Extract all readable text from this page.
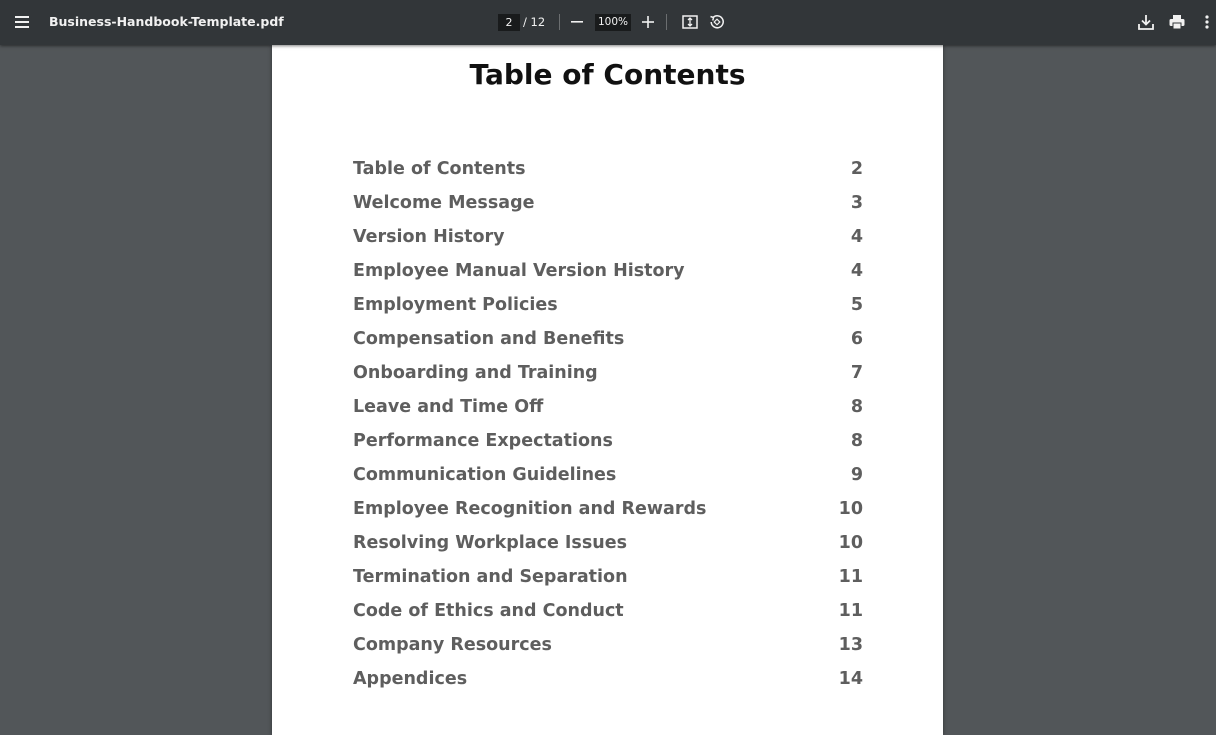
Business-Handbook-Template.pdf
2	/ 12	100%
Table of Contents
Table of Contents	2
Welcome Message	3
Version History	4
Employee Manual Version History	4
Employment Policies	5
Compensation and Benefits	6
Onboarding and Training	7
Leave and Time Off	8
Performance Expectations	8
Communication Guidelines	9
Employee Recognition and Rewards	10
Resolving Workplace Issues	10
Termination and Separation	11
Code of Ethics and Conduct	11
Company Resources	13
Appendices	14
